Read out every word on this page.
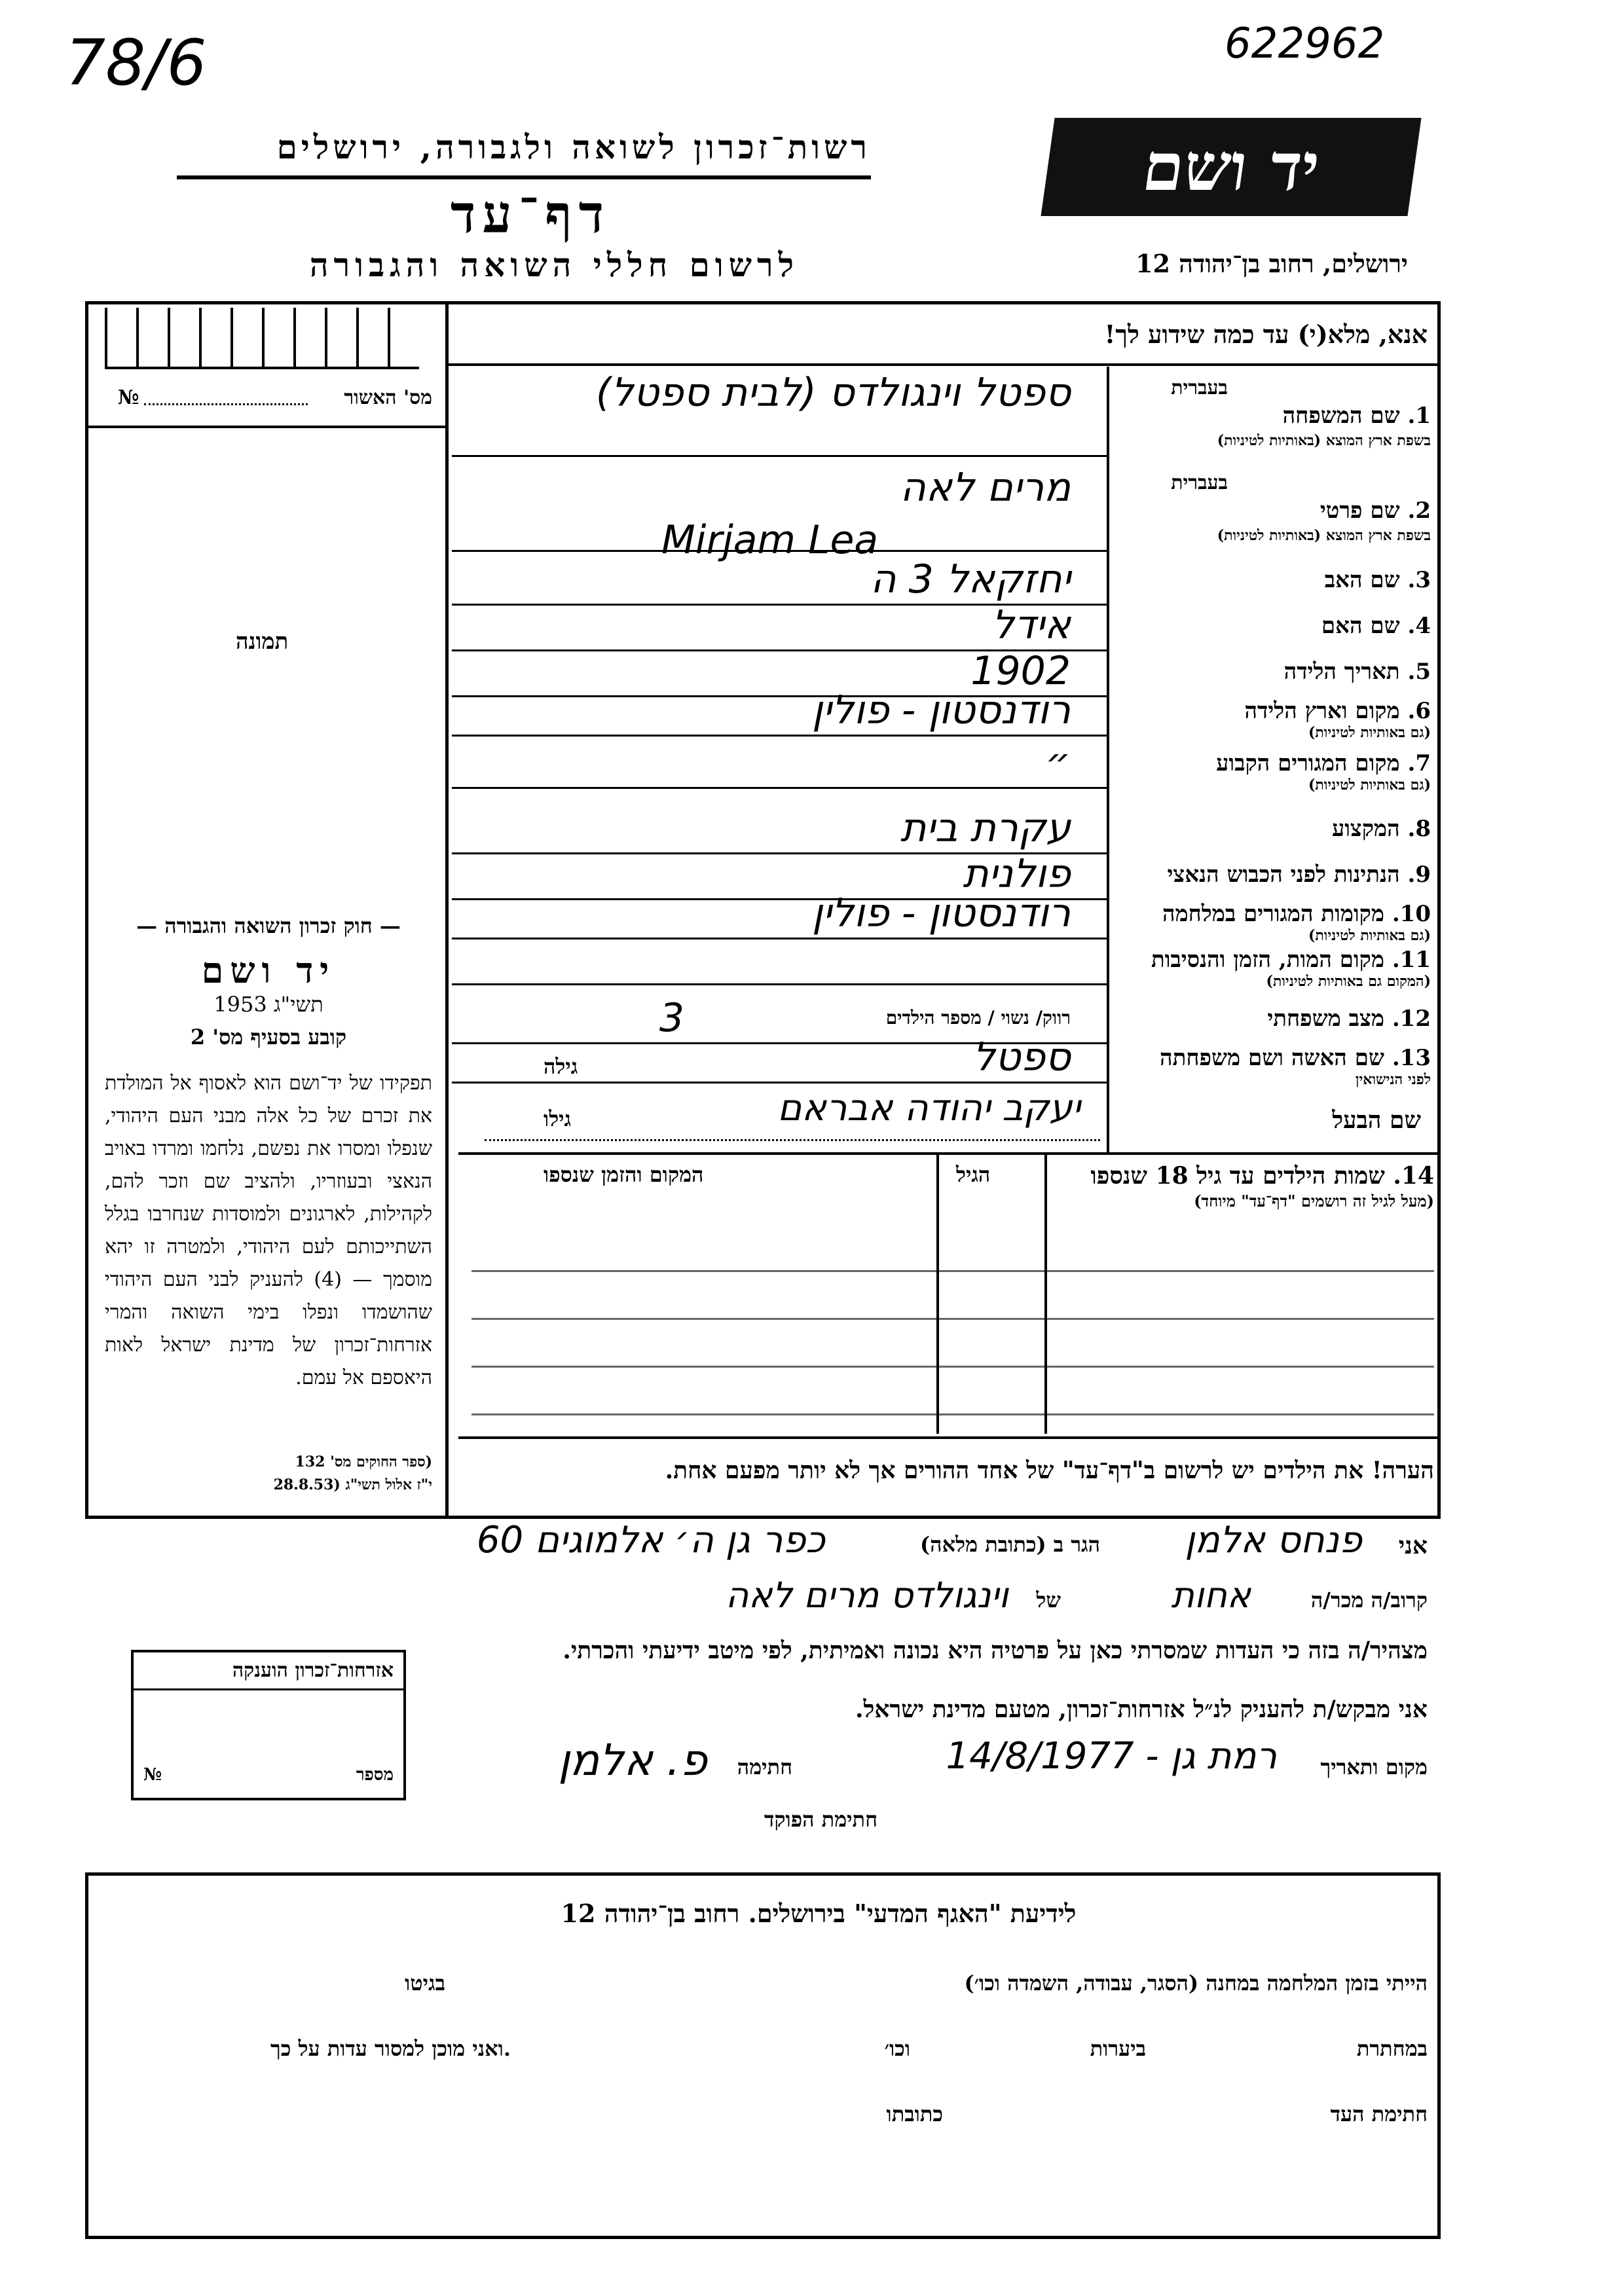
78/6	622962
רשות־זכרון לשואה ולגבורה, ירושלים
דף־עד
לרשום חללי השואה והגבורה
יד ושם
ירושלים, רחוב בן־יהודה 12
אנא, מלא(י) עד כמה שידוע לך!
מס' האשור
№
תמונה
1. שם המשפחה
בעברית
בשפת ארץ המוצא (באותיות לטיניות)
ספטל וינגולדס (לבית ספטל)
2. שם פרטי
בעברית
בשפת ארץ המוצא (באותיות לטיניות)
מרים לאה
Mirjam Lea
3. שם האב
יחזקאל 3 ה
4. שם האם
אידל
5. תאריך הלידה
1902
6. מקום וארץ הלידה
(גם באותיות לטיניות)
רודנסטון - פולין
7. מקום המגורים הקבוע
(גם באותיות לטיניות)
״
8. המקצוע
עקרת בית
9. הנתינות לפני הכבוש הנאצי
פולנית
10. מקומות המגורים במלחמה
(גם באותיות לטיניות)
רודנסטון - פולין
11. מקום המות, הזמן והנסיבות
(המקום גם באותיות לטיניות)
12. מצב משפחתי
רווק/ נשוי / מספר הילדים
3
13. שם האשה ושם משפחתה
לפני הנישואין
ספטל
גילה
שם הבעל
יעקב יהודה אבראם
גילו
14. שמות הילדים עד גיל 18 שנספו
(מעל לגיל זה רושמים "דף־עד" מיוחד)
הגיל
המקום והזמן שנספו
הערה! את הילדים יש לרשום ב"דף־עד" של אחד ההורים אך לא יותר מפעם אחת.
— חוק זכרון השואה והגבורה —
יד ושם
תשי"ג 1953
קובע בסעיף מס' 2
תפקידו של יד־ושם הוא לאסוף אל המולדת את זכרם של כל אלה מבני העם היהודי, שנפלו ומסרו את נפשם, נלחמו ומרדו באויב הנאצי ובעוזריו, ולהציב שם וזכר להם, לקהילות, לארגונים ולמוסדות שנחרבו בגלל השתייכותם לעם היהודי, ולמטרה זו יהא מוסמך — (4) להעניק לבני העם היהודי שהושמדו ונפלו בימי השואה והמרי אזרחות־זכרון של מדינת ישראל לאות היאספם אל עמם.
(ספר החוקים מס' 132
י"ז אלול תשי"ג (28.8.53
אני
פנחס אלמן
הגר ב (כתובת מלאה)
כפר גן ה׳ אלמוגים 60
קרוב/ה מכר/ה
אחות
של
וינגולדס מרים לאה
מצהיר/ה בזה כי העדות שמסרתי כאן על פרטיה היא נכונה ואמיתית, לפי מיטב ידיעתי והכרתי.
אני מבקש/ת להעניק לנ״ל אזרחות־זכרון, מטעם מדינת ישראל.
מקום ותאריך
רמת גן - 14/8/1977
חתימה
פ. אלמן
חתימת הפוקד
אזרחות־זכרון הוענקה
מספר
№
לידיעת "האגף המדעי" בירושלים. רחוב בן־יהודה 12
הייתי בזמן המלחמה במחנה (הסגר, עבודה, השמדה וכו׳)
בגיטו
במחתרת
ביערות
וכו׳
ואני מוכן למסור עדות על כך.
חתימת העד
כתובתו
